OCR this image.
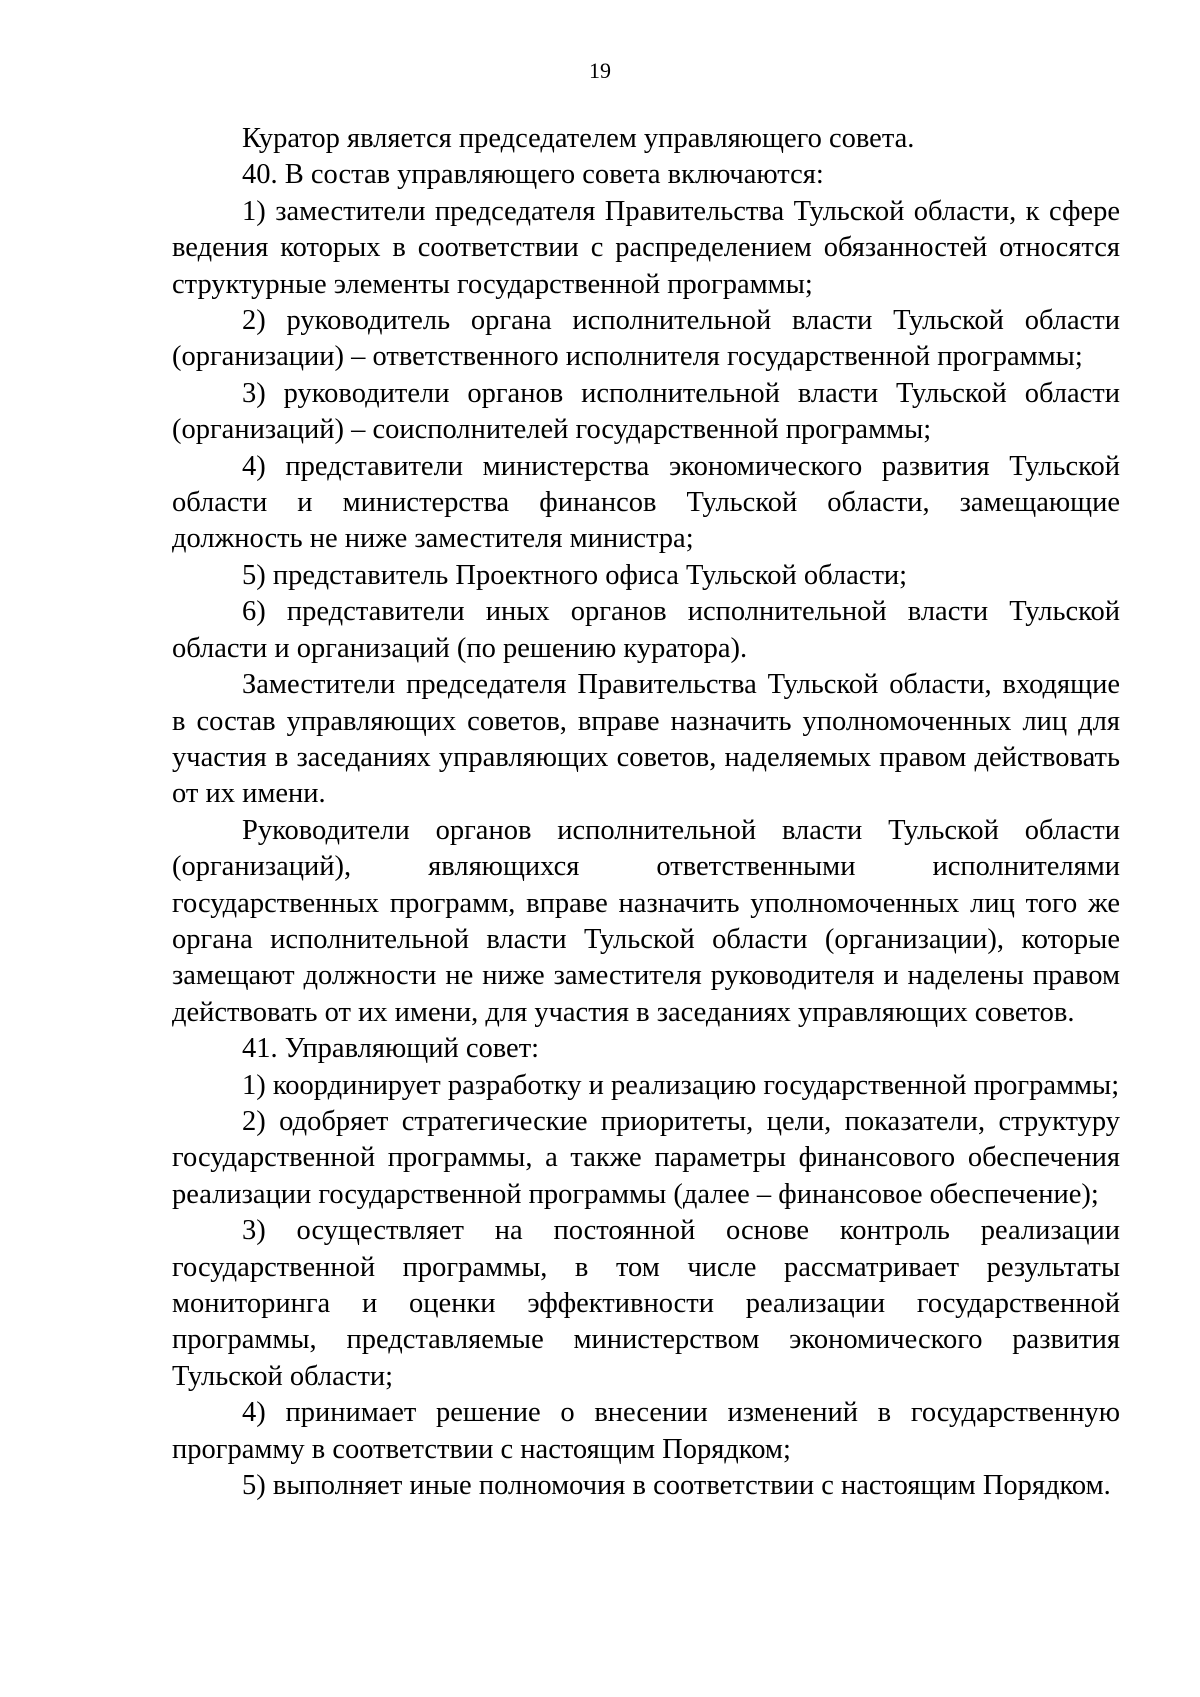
19

Куратор является председателем управляющего совета.

40. В состав управляющего совета включаются:

1) заместители председателя Правительства Тульской области, к сфере ведения которых в соответствии с распределением обязанностей относятся структурные элементы государственной программы;

2) руководитель органа исполнительной власти Тульской области (организации) – ответственного исполнителя государственной программы;

3) руководители органов исполнительной власти Тульской области (организаций) – соисполнителей государственной программы;

4) представители министерства экономического развития Тульской области и министерства финансов Тульской области, замещающие должность не ниже заместителя министра;

5) представитель Проектного офиса Тульской области;

6) представители иных органов исполнительной власти Тульской области и организаций (по решению куратора).

Заместители председателя Правительства Тульской области, входящие в состав управляющих советов, вправе назначить уполномоченных лиц для участия в заседаниях управляющих советов, наделяемых правом действовать от их имени.

Руководители органов исполнительной власти Тульской области (организаций), являющихся ответственными исполнителями государственных программ, вправе назначить уполномоченных лиц того же органа исполнительной власти Тульской области (организации), которые замещают должности не ниже заместителя руководителя и наделены правом действовать от их имени, для участия в заседаниях управляющих советов.

41. Управляющий совет:

1) координирует разработку и реализацию государственной программы;

2) одобряет стратегические приоритеты, цели, показатели, структуру государственной программы, а также параметры финансового обеспечения реализации государственной программы (далее – финансовое обеспечение);

3) осуществляет на постоянной основе контроль реализации государственной программы, в том числе рассматривает результаты мониторинга и оценки эффективности реализации государственной программы, представляемые министерством экономического развития Тульской области;

4) принимает решение о внесении изменений в государственную программу в соответствии с настоящим Порядком;

5) выполняет иные полномочия в соответствии с настоящим Порядком.
